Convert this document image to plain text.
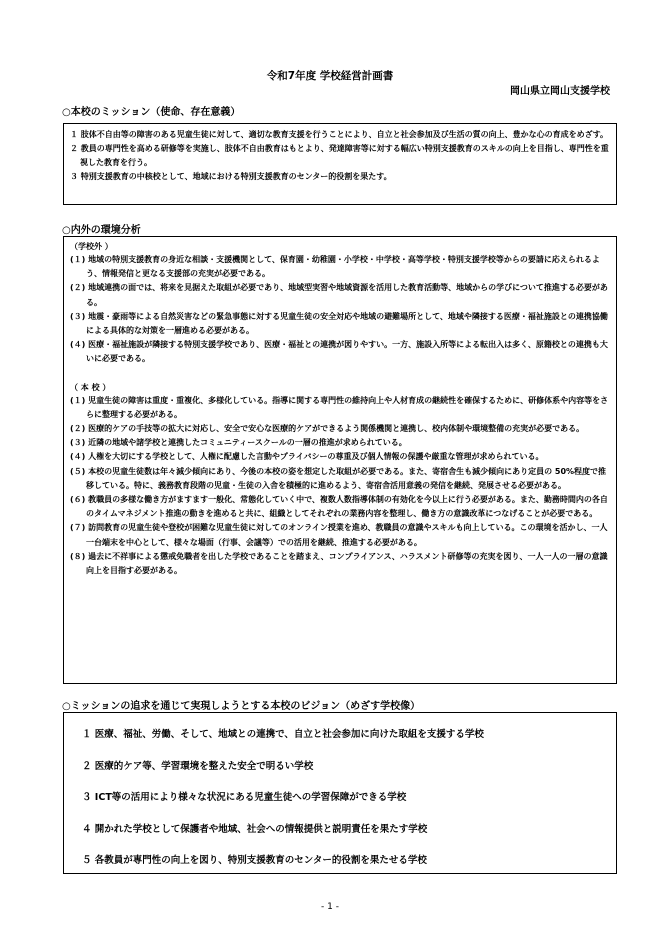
令和7年度 学校経営計画書
岡山県立岡山支援学校
○本校のミッション（使命、存在意義）
１ 肢体不自由等の障害のある児童生徒に対して、適切な教育支援を行うことにより、自立と社会参加及び生活の質の向上、豊かな心の育成をめざす。
２ 教員の専門性を高める研修等を実施し、肢体不自由教育はもとより、発達障害等に対する幅広い特別支援教育のスキルの向上を目指し、専門性を重視した教育を行う。
３ 特別支援教育の中核校として、地域における特別支援教育のセンター的役割を果たす。
○内外の環境分析
（学校外 ）
(１) 地域の特別支援教育の身近な相談・支援機関として、保育園・幼稚園・小学校・中学校・高等学校・特別支援学校等からの要請に応えられるよう、情報発信と更なる支援部の充実が必要である。
(２) 地域連携の面では、将来を見据えた取組が必要であり、地域型実習や地域資源を活用した教育活動等、地域からの学びについて推進する必要がある。
(３) 地震・豪雨等による自然災害などの緊急事態に対する児童生徒の安全対応や地域の避難場所として、地域や隣接する医療・福祉施設との連携協働による具体的な対策を一層進める必要がある。
(４) 医療・福祉施設が隣接する特別支援学校であり、医療・福祉との連携が図りやすい。一方、施設入所等による転出入は多く、原籍校との連携も大いに必要である。
（ 本 校 ）
(１) 児童生徒の障害は重度・重複化、多様化している。指導に関する専門性の維持向上や人材育成の継続性を確保するために、研修体系や内容等をさらに整理する必要がある。
(２) 医療的ケアの手技等の拡大に対応し、安全で安心な医療的ケアができるよう関係機関と連携し、校内体制や環境整備の充実が必要である。
(３) 近隣の地域や諸学校と連携したコミュニティースクールの一層の推進が求められている。
(４) 人権を大切にする学校として、人権に配慮した言動やプライバシーの尊重及び個人情報の保護や厳重な管理が求められている。
(５) 本校の児童生徒数は年々減少傾向にあり、今後の本校の姿を想定した取組が必要である。また、寄宿舎生も減少傾向にあり定員の 50%程度で推移している。特に、義務教育段階の児童・生徒の入舎を積極的に進めるよう、寄宿舎活用意義の発信を継続、発展させる必要がある。
(６) 教職員の多様な働き方がますます一般化、常態化していく中で、複数人数指導体制の有効化を今以上に行う必要がある。また、勤務時間内の各自のタイムマネジメント推進の動きを進めると共に、組織としてそれぞれの業務内容を整理し、働き方の意識改革につなげることが必要である。
(７) 訪問教育の児童生徒や登校が困難な児童生徒に対してのオンライン授業を進め、教職員の意識やスキルも向上している。この環境を活かし、一人一台端末を中心として、様々な場面（行事、会議等）での活用を継続、推進する必要がある。
(８) 過去に不祥事による懲戒免職者を出した学校であることを踏まえ、コンプライアンス、ハラスメント研修等の充実を図り、一人一人の一層の意識向上を目指す必要がある。
○ミッションの追求を通じて実現しようとする本校のビジョン（めざす学校像）
１ 医療、福祉、労働、そして、地域との連携で、自立と社会参加に向けた取組を支援する学校
２ 医療的ケア等、学習環境を整えた安全で明るい学校
３ ICT等の活用により様々な状況にある児童生徒への学習保障ができる学校
４ 開かれた学校として保護者や地域、社会への情報提供と説明責任を果たす学校
５ 各教員が専門性の向上を図り、特別支援教育のセンター的役割を果たせる学校
- 1 -
